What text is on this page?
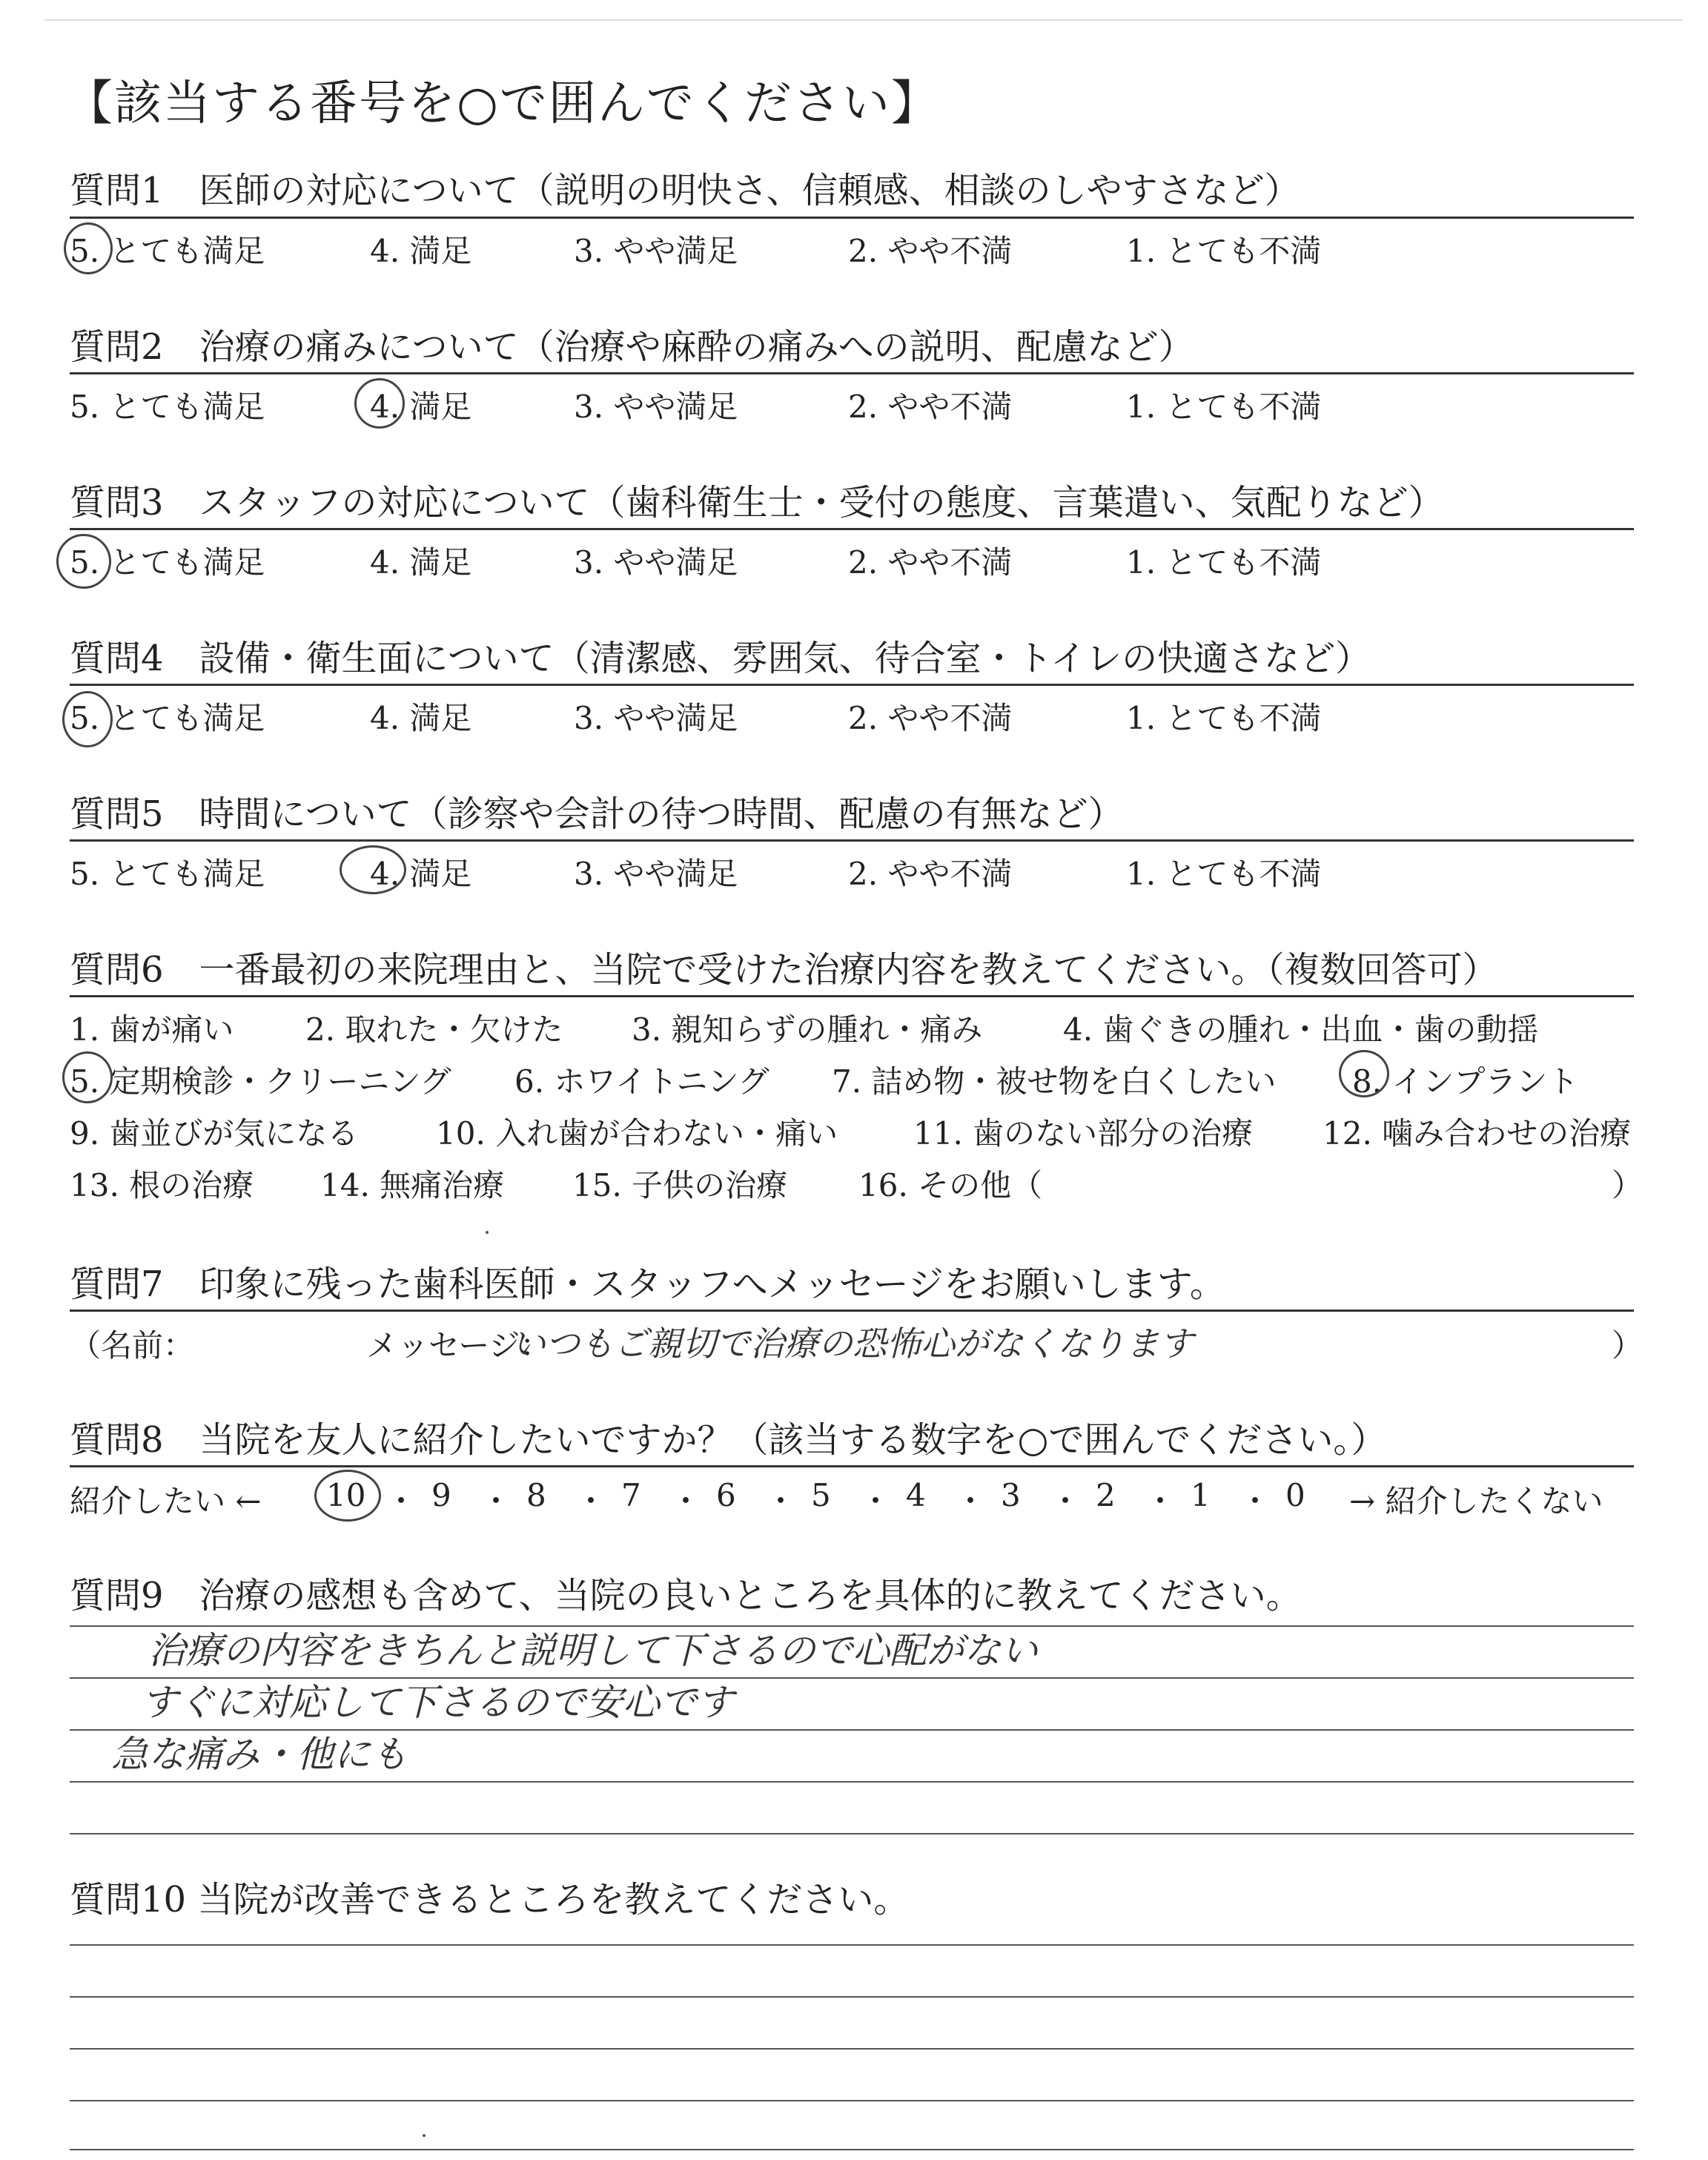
【該当する番号を○で囲んでください】
質問1　医師の対応について（説明の明快さ、信頼感、相談のしやすさなど）
5. とても満足	4. 満足	3. やや満足	2. やや不満	1. とても不満
質問2　治療の痛みについて（治療や麻酔の痛みへの説明、配慮など）
5. とても満足	4. 満足	3. やや満足	2. やや不満	1. とても不満
質問3　スタッフの対応について（歯科衛生士・受付の態度、言葉遣い、気配りなど）
5. とても満足	4. 満足	3. やや満足	2. やや不満	1. とても不満
質問4　設備・衛生面について（清潔感、雰囲気、待合室・トイレの快適さなど）
5. とても満足	4. 満足	3. やや満足	2. やや不満	1. とても不満
質問5　時間について（診察や会計の待つ時間、配慮の有無など）
5. とても満足	4. 満足	3. やや満足	2. やや不満	1. とても不満
質問6　一番最初の来院理由と、当院で受けた治療内容を教えてください。（複数回答可）
1. 歯が痛い 2. 取れた・欠けた 3. 親知らずの腫れ・痛み	4. 歯ぐきの腫れ・出血・歯の動揺
5. 定期検診・クリーニング 6. ホワイトニング 7. 詰め物・被せ物を白くしたい 8. インプラント
9. 歯並びが気になる 10. 入れ歯が合わない・痛い 11. 歯のない部分の治療 12. 噛み合わせの治療
13. 根の治療 14. 無痛治療 15. 子供の治療 16. その他（	）
質問7　印象に残った歯科医師・スタッフへメッセージをお願いします。
（名前：	メッセージ：	）
いつもご親切で治療の恐怖心がなくなります
質問8　当院を友人に紹介したいですか？（該当する数字を○で囲んでください。）
紹介したい ←	→ 紹介したくない
10 ・ 9 ・ 8 ・ 7 ・ 6 ・ 5 ・ 4 ・ 3 ・ 2 ・ 1 ・ 0
質問9　治療の感想も含めて、当院の良いところを具体的に教えてください。
治療の内容をきちんと説明して下さるので心配がない
すぐに対応して下さるので安心です
急な痛み・他にも
質問10 当院が改善できるところを教えてください。
